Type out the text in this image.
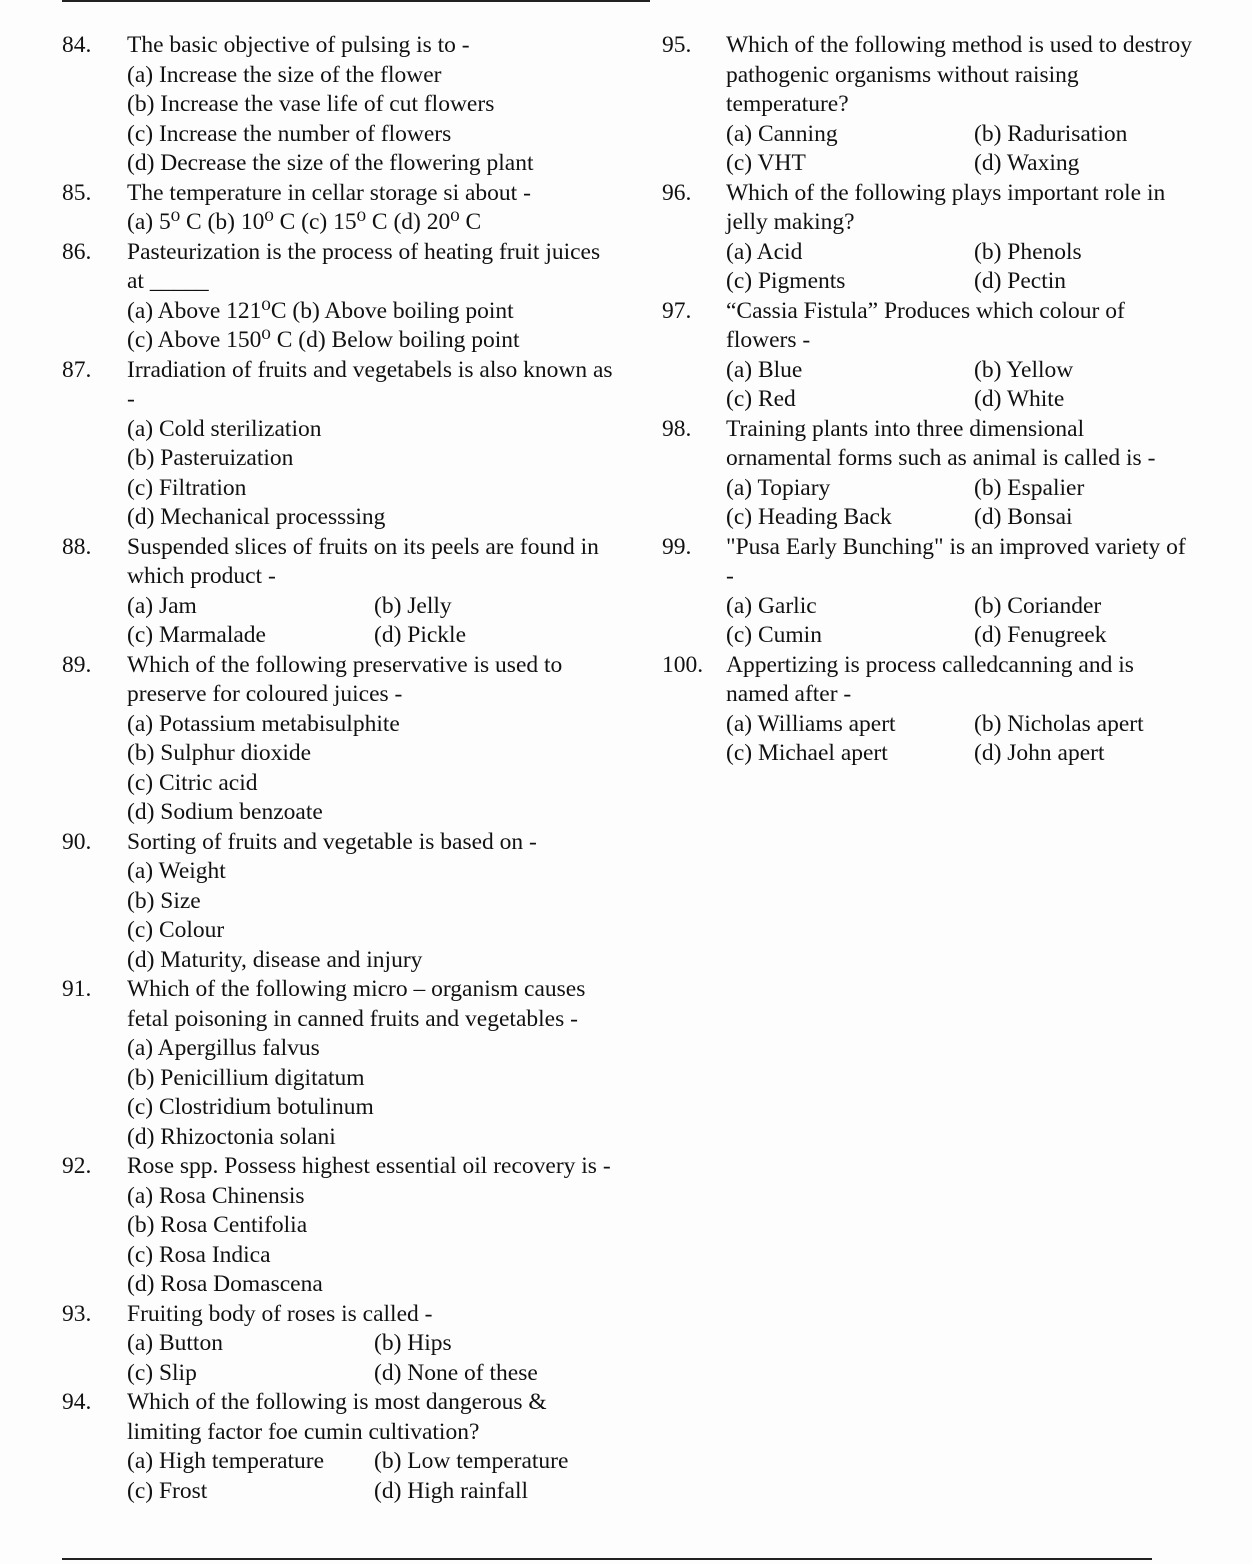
84.	The basic objective of pulsing is to -
(a) Increase the size of the flower
(b) Increase the vase life of cut flowers
(c) Increase the number of flowers
(d) Decrease the size of the flowering plant
85.	The temperature in cellar storage si about -
(a) 5⁰ C (b) 10⁰ C (c) 15⁰ C (d) 20⁰ C
86.	Pasteurization is the process of heating fruit juices at _____
(a) Above 121⁰C (b) Above boiling point
(c) Above 150⁰ C (d) Below boiling point
87.	Irradiation of fruits and vegetabels is also known as -
(a) Cold sterilization
(b) Pasteruization
(c) Filtration
(d) Mechanical processsing
88.	Suspended slices of fruits on its peels are found in which product -
(a) Jam	(b) Jelly
(c) Marmalade	(d) Pickle
89.	Which of the following preservative is used to preserve for coloured juices -
(a) Potassium metabisulphite
(b) Sulphur dioxide
(c) Citric acid
(d) Sodium benzoate
90.	Sorting of fruits and vegetable is based on -
(a) Weight
(b) Size
(c) Colour
(d) Maturity, disease and injury
91.	Which of the following micro – organism causes fetal poisoning in canned fruits and vegetables -
(a) Apergillus falvus
(b) Penicillium digitatum
(c) Clostridium botulinum
(d) Rhizoctonia solani
92.	Rose spp. Possess highest essential oil recovery is -
(a) Rosa Chinensis
(b) Rosa Centifolia
(c) Rosa Indica
(d) Rosa Domascena
93.	Fruiting body of roses is called -
(a) Button	(b) Hips
(c) Slip	(d) None of these
94.	Which of the following is most dangerous & limiting factor foe cumin cultivation?
(a) High temperature	(b) Low temperature
(c) Frost	(d) High rainfall
95.	Which of the following method is used to destroy pathogenic organisms without raising temperature?
(a) Canning	(b) Radurisation
(c) VHT	(d) Waxing
96.	Which of the following plays important role in jelly making?
(a) Acid	(b) Phenols
(c) Pigments	(d) Pectin
97.	“Cassia Fistula” Produces which colour of flowers -
(a) Blue	(b) Yellow
(c) Red	(d) White
98.	Training plants into three dimensional ornamental forms such as animal is called is -
(a) Topiary	(b) Espalier
(c) Heading Back	(d) Bonsai
99.	"Pusa Early Bunching" is an improved variety of -
(a) Garlic	(b) Coriander
(c) Cumin	(d) Fenugreek
100. Appertizing is process calledcanning and is named after -
(a) Williams apert	(b) Nicholas apert
(c) Michael apert	(d) John apert
